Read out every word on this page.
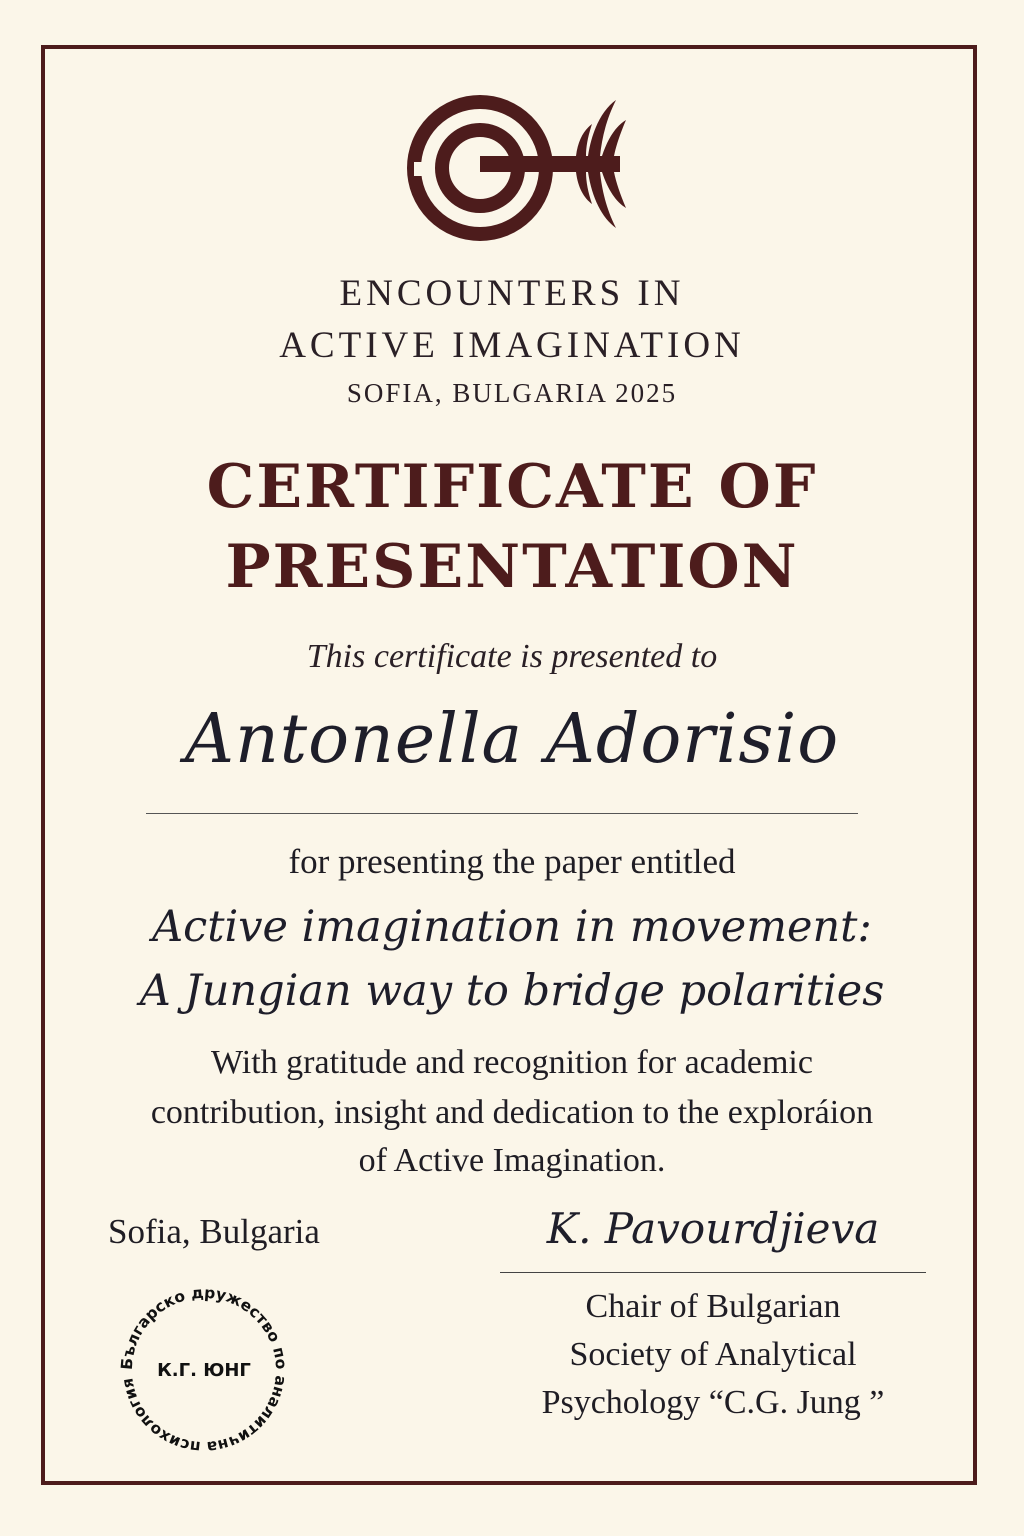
ENCOUNTERS IN
ACTIVE IMAGINATION
SOFIA, BULGARIA 2025
CERTIFICATE OF
PRESENTATION
This certificate is presented to
Antonella Adorisio
for presenting the paper entitled
Active imagination in movement:
A Jungian way to bridge polarities
With gratitude and recognition for academic
contribution, insight and dedication to the exploráion
of Active Imagination.
Sofia, Bulgaria	K. Pavourdjieva
Chair of Bulgarian
Society of Analytical
Psychology “C.G. Jung ”
Българско дружество по аналитична психология
К.Г. ЮНГ
